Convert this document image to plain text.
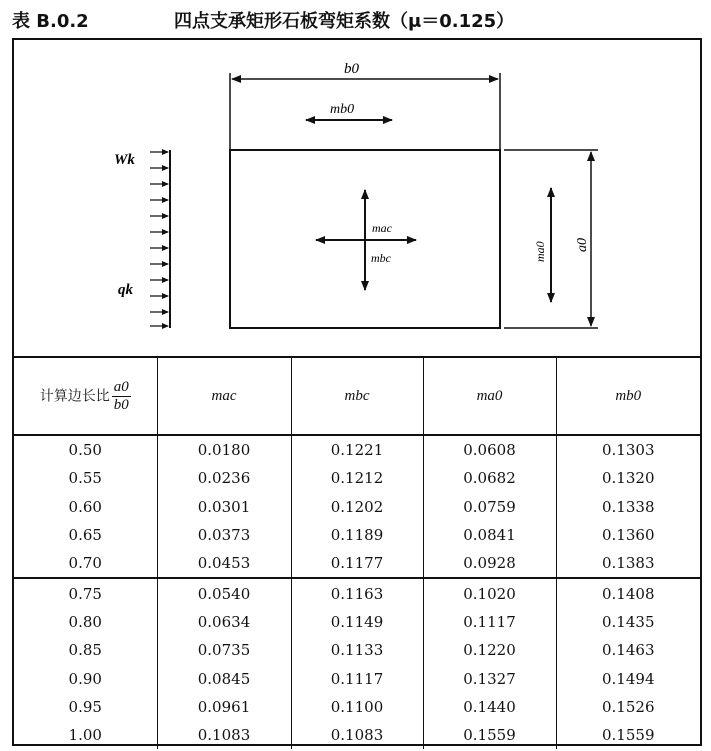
表 B.0.2	四点支承矩形石板弯矩系数（μ＝0.125）
b0
mb0
mac
mbc	ma0 a0
Wk
qk
计算边长比 $\frac{a0}{b0}$	mac	mbc	ma0	mb0
0.50	0.0180	0.1221	0.0608	0.1303
0.55	0.0236	0.1212	0.0682	0.1320
0.60	0.0301	0.1202	0.0759	0.1338
0.65	0.0373	0.1189	0.0841	0.1360
0.70	0.0453	0.1177	0.0928	0.1383
0.75	0.0540	0.1163	0.1020	0.1408
0.80	0.0634	0.1149	0.1117	0.1435
0.85	0.0735	0.1133	0.1220	0.1463
0.90	0.0845	0.1117	0.1327	0.1494
0.95	0.0961	0.1100	0.1440	0.1526
1.00	0.1083	0.1083	0.1559	0.1559
